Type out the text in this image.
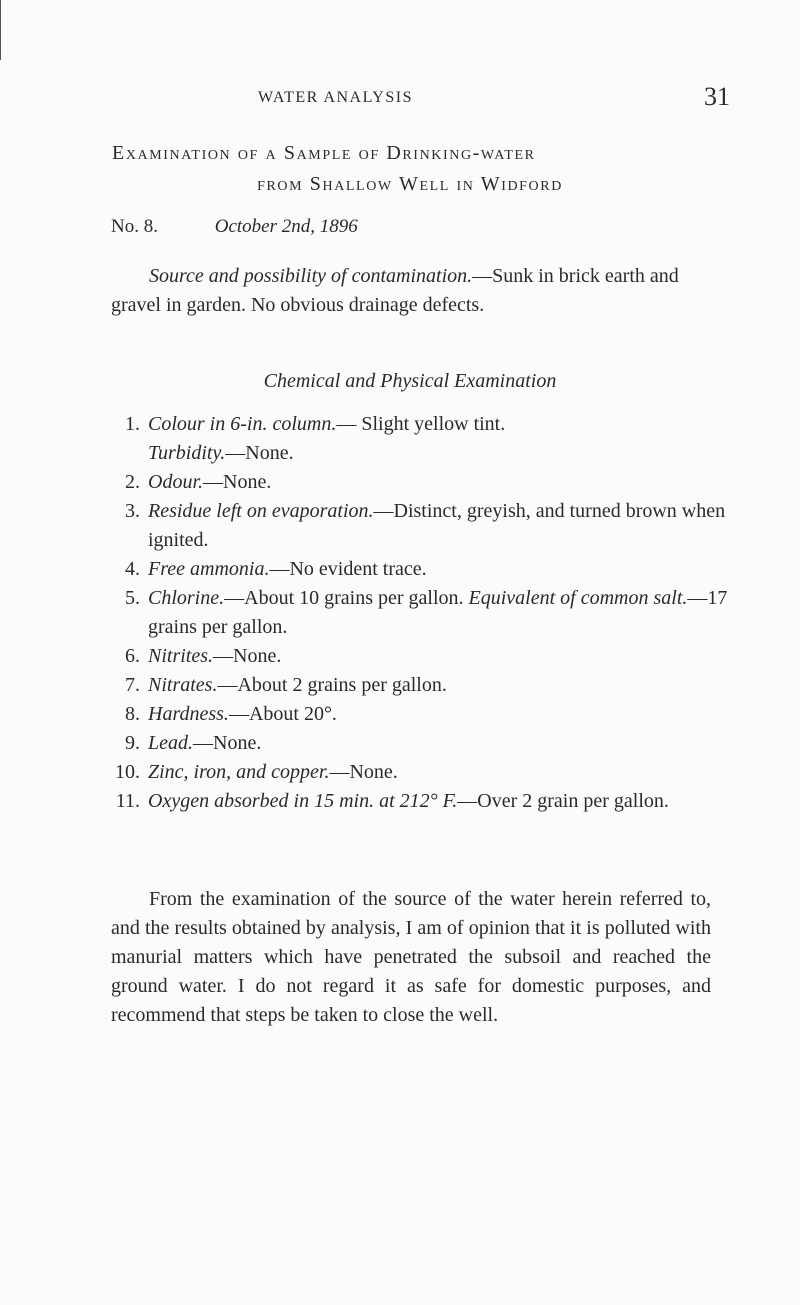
WATER ANALYSIS	31
Examination of a Sample of Drinking-water
from Shallow Well in Widford
No. 8.	October 2nd, 1896
Source and possibility of contamination.—Sunk in brick earth and gravel in garden. No obvious drainage defects.
Chemical and Physical Examination
1. Colour in 6-in. column.— Slight yellow tint.
Turbidity.—None.
2. Odour.—None.
3. Residue left on evaporation.—Distinct, greyish, and turned brown when ignited.
4. Free ammonia.—No evident trace.
5. Chlorine.—About 10 grains per gallon. Equivalent of common salt.—17 grains per gallon.
6. Nitrites.—None.
7. Nitrates.—About 2 grains per gallon.
8. Hardness.—About 20°.
9. Lead.—None.
10. Zinc, iron, and copper.—None.
11. Oxygen absorbed in 15 min. at 212° F.—Over 2 grain per gallon.
From the examination of the source of the water herein referred to, and the results obtained by analysis, I am of opinion that it is polluted with manurial matters which have penetrated the subsoil and reached the ground water. I do not regard it as safe for domestic purposes, and recommend that steps be taken to close the well.
